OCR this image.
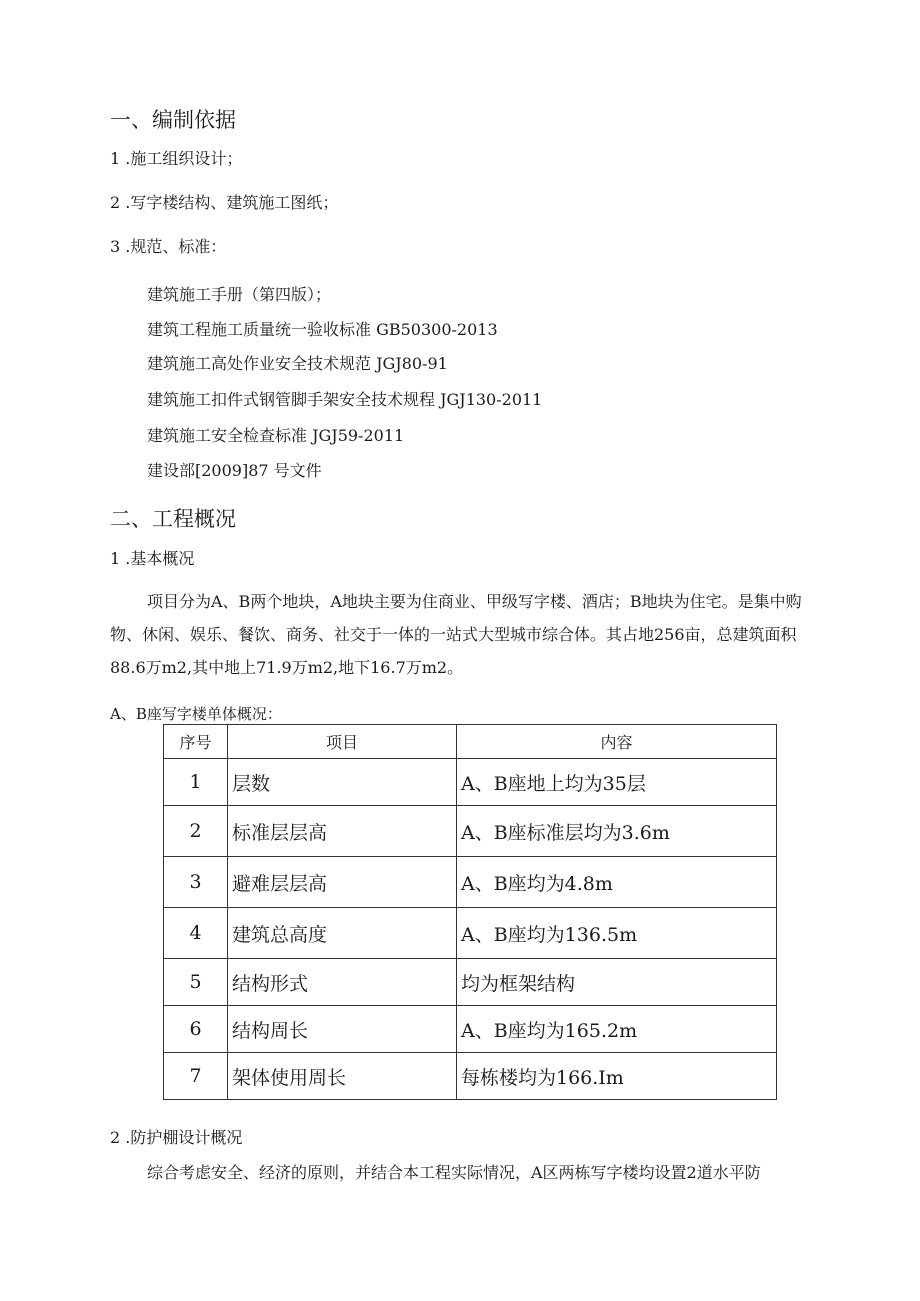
一、编制依据
1 .施工组织设计；
2 .写字楼结构、建筑施工图纸；
3 .规范、标准：
建筑施工手册（第四版）；
建筑工程施工质量统一验收标准 GB50300-2013
建筑施工高处作业安全技术规范 JGJ80-91
建筑施工扣件式钢管脚手架安全技术规程 JGJ130-2011
建筑施工安全检查标准 JGJ59-2011
建设部[2009]87 号文件
二、工程概况
1 .基本概况

项目分为A、B两个地块，A地块主要为住商业、甲级写字楼、酒店；B地块为住宅。是集中购物、休闲、娱乐、餐饮、商务、社交于一体的一站式大型城市综合体。其占地256亩，总建筑面积88.6万m2,其中地上71.9万m2,地下16.7万m2。

A、B座写字楼单体概况：
序号	项目	内容
1	层数	A、B座地上均为35层
2	标准层层高	A、B座标准层均为3.6m
3	避难层层高	A、B座均为4.8m
4	建筑总高度	A、B座均为136.5m
5	结构形式	均为框架结构
6	结构周长	A、B座均为165.2m
7	架体使用周长	每栋楼均为166.Im
2 .防护棚设计概况
综合考虑安全、经济的原则，并结合本工程实际情况，A区两栋写字楼均设置2道水平防
